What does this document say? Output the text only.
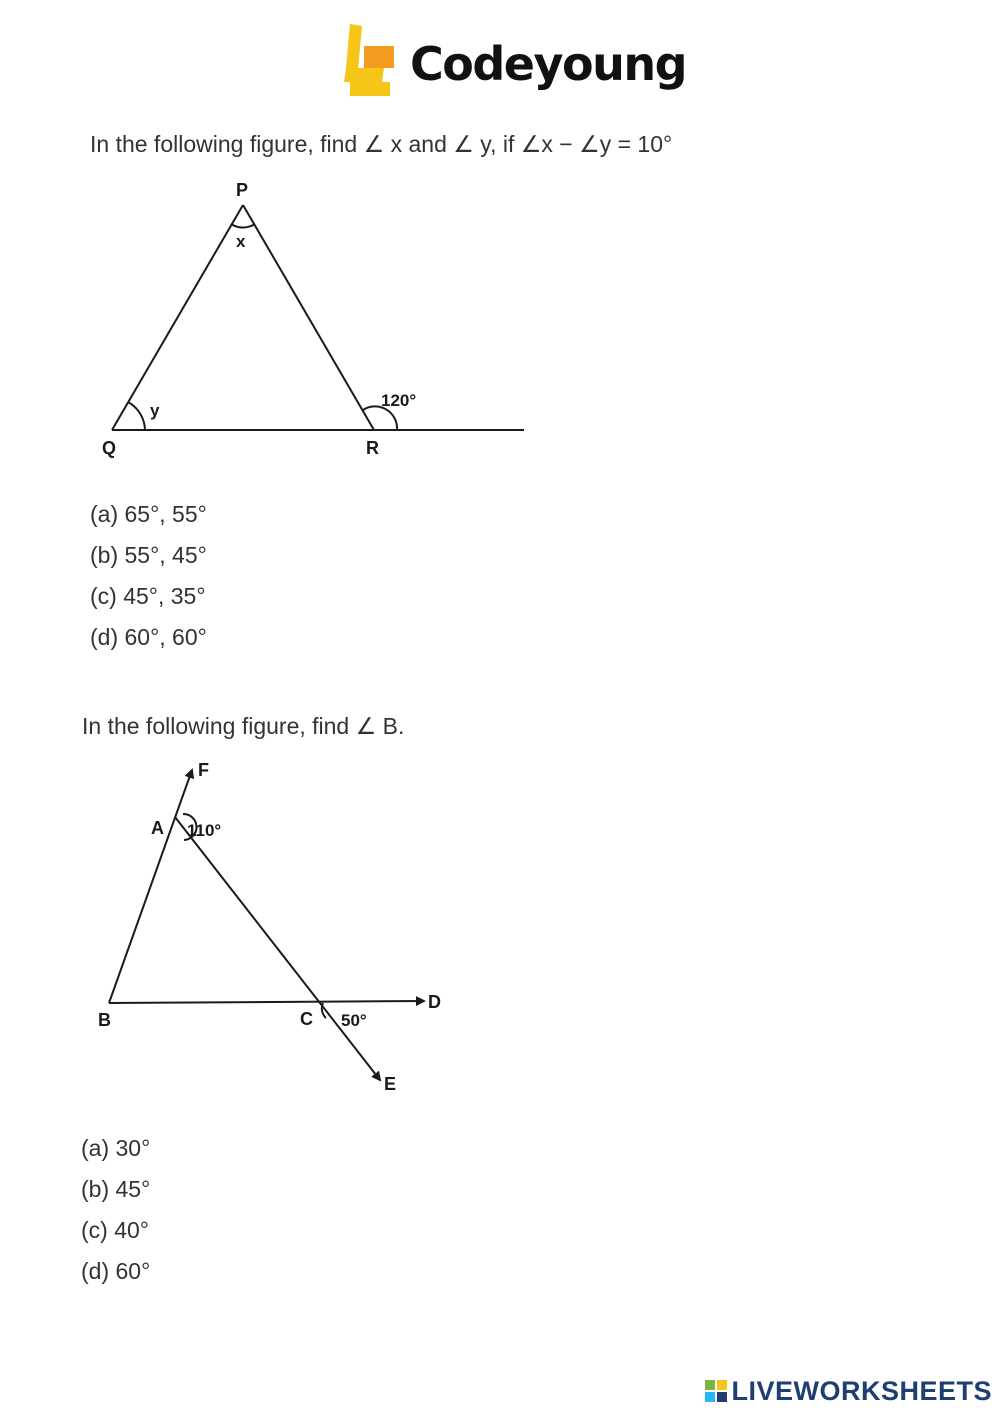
Codeyoung
In the following figure, find ∠ x and ∠ y, if ∠x − ∠y = 10°
P
x
y
Q	R
120°
(a) 65°, 55°
(b) 55°, 45°
(c) 45°, 35°
(d) 60°, 60°
In the following figure, find ∠ B.
F
A 110°
B	C 50°
D
E
(a) 30°
(b) 45°
(c) 40°
(d) 60°
LIVEWORKSHEETS
